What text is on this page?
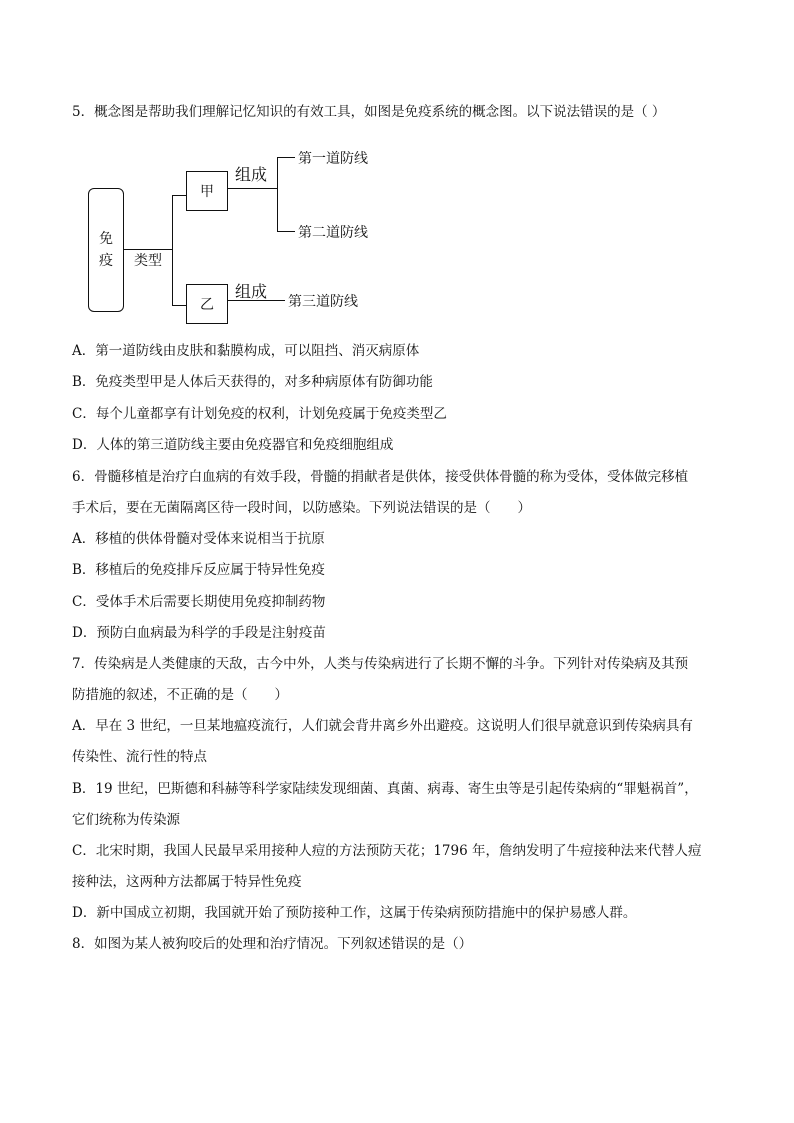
5．概念图是帮助我们理解记忆知识的有效工具，如图是免疫系统的概念图。以下说法错误的是（ ）
免
疫 类型
甲
乙
组成
第一道防线
第二道防线
组成
第三道防线
A．第一道防线由皮肤和黏膜构成，可以阻挡、消灭病原体
B．免疫类型甲是人体后天获得的，对多种病原体有防御功能
C．每个儿童都享有计划免疫的权利，计划免疫属于免疫类型乙
D．人体的第三道防线主要由免疫器官和免疫细胞组成
6．骨髓移植是治疗白血病的有效手段，骨髓的捐献者是供体，接受供体骨髓的称为受体，受体做完移植
手术后，要在无菌隔离区待一段时间，以防感染。下列说法错误的是（　　）
A．移植的供体骨髓对受体来说相当于抗原
B．移植后的免疫排斥反应属于特异性免疫
C．受体手术后需要长期使用免疫抑制药物
D．预防白血病最为科学的手段是注射疫苗
7．传染病是人类健康的天敌，古今中外，人类与传染病进行了长期不懈的斗争。下列针对传染病及其预
防措施的叙述，不正确的是（　　）
A．早在 3 世纪，一旦某地瘟疫流行，人们就会背井离乡外出避疫。这说明人们很早就意识到传染病具有
传染性、流行性的特点
B．19 世纪，巴斯德和科赫等科学家陆续发现细菌、真菌、病毒、寄生虫等是引起传染病的“罪魁祸首”，
它们统称为传染源
C．北宋时期，我国人民最早采用接种人痘的方法预防天花；1796 年，詹纳发明了牛痘接种法来代替人痘
接种法，这两种方法都属于特异性免疫
D．新中国成立初期，我国就开始了预防接种工作，这属于传染病预防措施中的保护易感人群。
8．如图为某人被狗咬后的处理和治疗情况。下列叙述错误的是（）
